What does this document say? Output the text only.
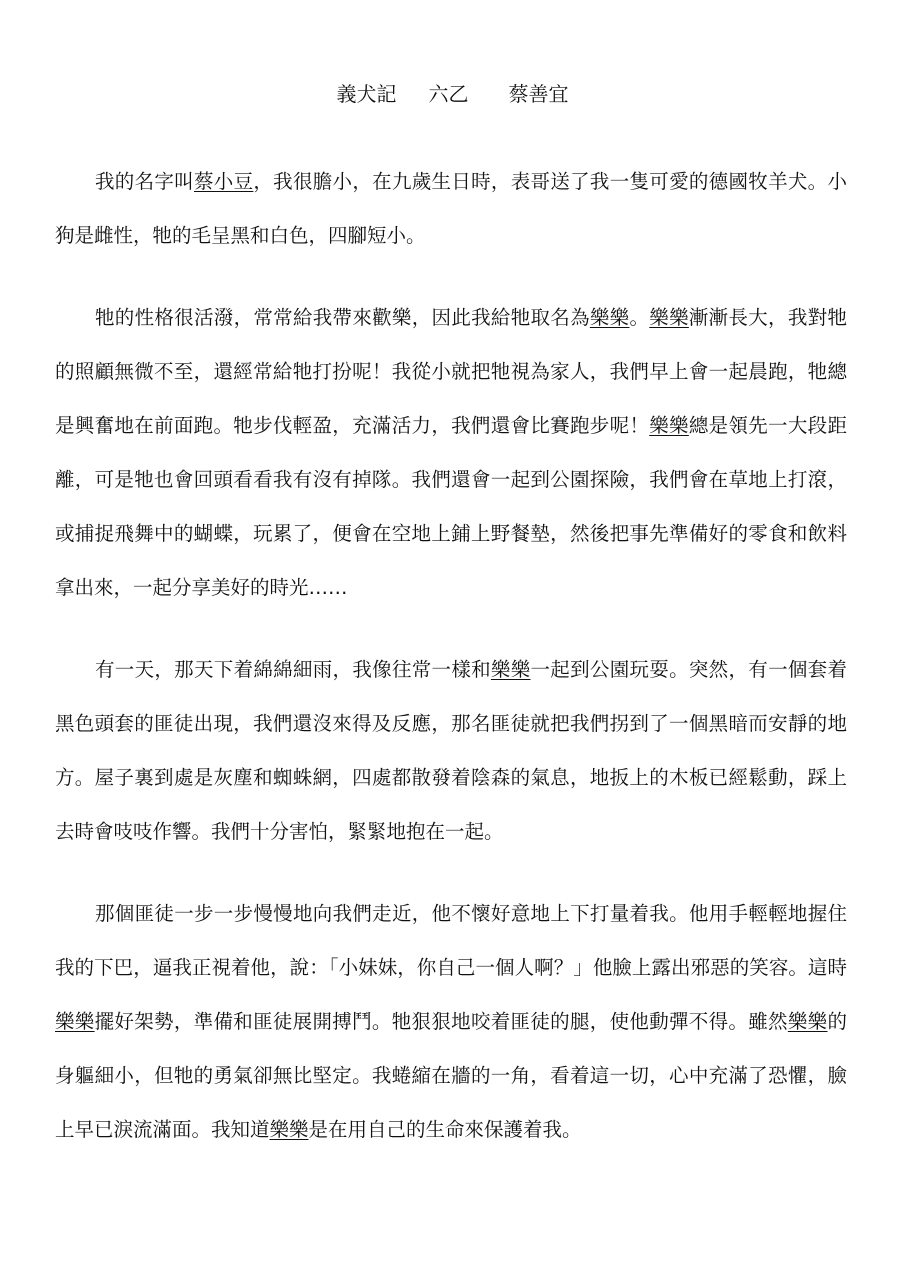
義犬記 六乙 蔡善宜

我的名字叫蔡小豆，我很膽小，在九歲生日時，表哥送了我一隻可愛的德國牧羊犬。小狗是雌性，牠的毛呈黑和白色，四腳短小。

牠的性格很活潑，常常給我帶來歡樂，因此我給牠取名為樂樂。樂樂漸漸長大，我對牠的照顧無微不至，還經常給牠打扮呢！我從小就把牠視為家人，我們早上會一起晨跑，牠總是興奮地在前面跑。牠步伐輕盈，充滿活力，我們還會比賽跑步呢！樂樂總是領先一大段距離，可是牠也會回頭看看我有沒有掉隊。我們還會一起到公園探險，我們會在草地上打滾，或捕捉飛舞中的蝴蝶，玩累了，便會在空地上鋪上野餐墊，然後把事先準備好的零食和飲料拿出來，一起分享美好的時光……

有一天，那天下着綿綿細雨，我像往常一樣和樂樂一起到公園玩耍。突然，有一個套着黑色頭套的匪徒出現，我們還沒來得及反應，那名匪徒就把我們拐到了一個黑暗而安靜的地方。屋子裏到處是灰塵和蜘蛛網，四處都散發着陰森的氣息，地扳上的木板已經鬆動，踩上去時會吱吱作響。我們十分害怕，緊緊地抱在一起。

那個匪徒一步一步慢慢地向我們走近，他不懷好意地上下打量着我。他用手輕輕地握住我的下巴，逼我正視着他，說：「小妹妹，你自己一個人啊？」他臉上露出邪惡的笑容。這時樂樂擺好架勢，準備和匪徒展開搏鬥。牠狠狠地咬着匪徒的腿，使他動彈不得。雖然樂樂的身軀細小，但牠的勇氣卻無比堅定。我蜷縮在牆的一角，看着這一切，心中充滿了恐懼，臉上早已淚流滿面。我知道樂樂是在用自己的生命來保護着我。
